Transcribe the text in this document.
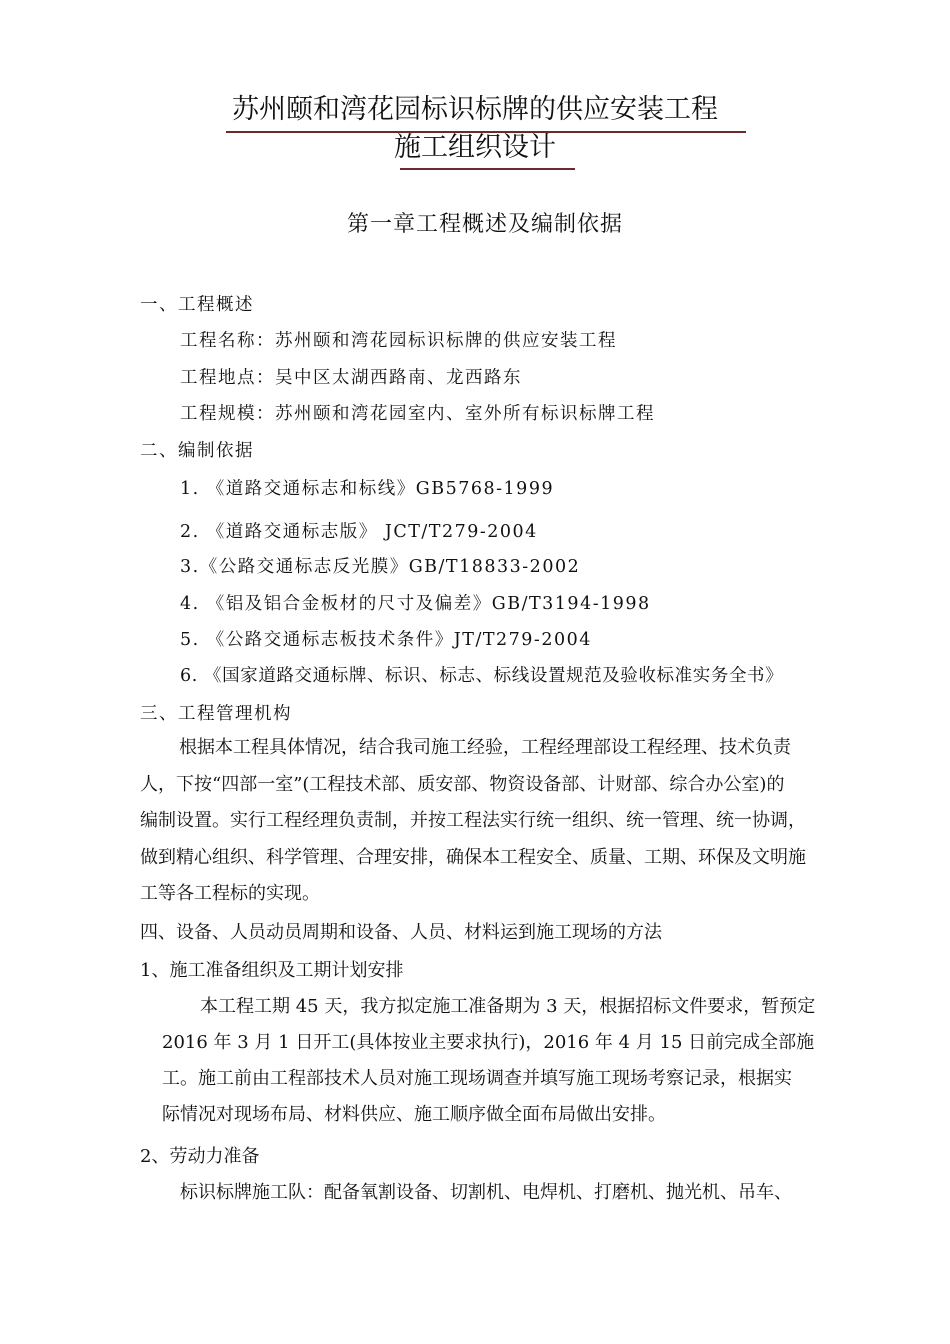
苏州颐和湾花园标识标牌的供应安装工程
施工组织设计
第一章工程概述及编制依据
一、工程概述
工程名称：苏州颐和湾花园标识标牌的供应安装工程
工程地点：吴中区太湖西路南、龙西路东
工程规模：苏州颐和湾花园室内、室外所有标识标牌工程
二、编制依据
1. 《道路交通标志和标线》GB5768-1999
2. 《道路交通标志版》 JCT/T279-2004
3.《公路交通标志反光膜》GB/T18833-2002
4. 《铝及铝合金板材的尺寸及偏差》GB/T3194-1998
5. 《公路交通标志板技术条件》JT/T279-2004
6. 《国家道路交通标牌、标识、标志、标线设置规范及验收标准实务全书》
三、工程管理机构
根据本工程具体情况，结合我司施工经验，工程经理部设工程经理、技术负责
人，下按“四部一室”(工程技术部、质安部、物资设备部、计财部、综合办公室)的
编制设置。实行工程经理负责制，并按工程法实行统一组织、统一管理、统一协调，
做到精心组织、科学管理、合理安排，确保本工程安全、质量、工期、环保及文明施
工等各工程标的实现。
四、设备、人员动员周期和设备、人员、材料运到施工现场的方法
1、施工准备组织及工期计划安排
本工程工期 45 天，我方拟定施工准备期为 3 天，根据招标文件要求，暂预定
2016 年 3 月 1 日开工(具体按业主要求执行)，2016 年 4 月 15 日前完成全部施
工。施工前由工程部技术人员对施工现场调查并填写施工现场考察记录，根据实
际情况对现场布局、材料供应、施工顺序做全面布局做出安排。
2、劳动力准备
标识标牌施工队：配备氧割设备、切割机、电焊机、打磨机、抛光机、吊车、
